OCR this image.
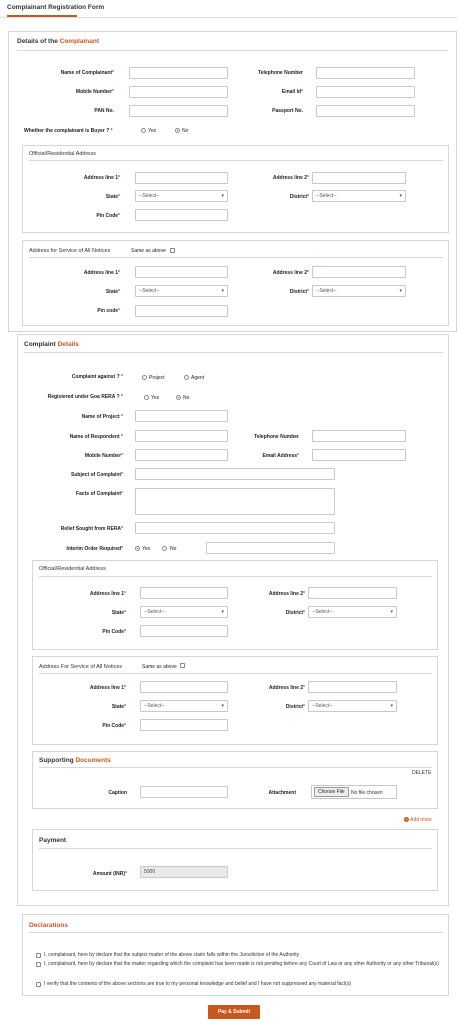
Complainant Registration Form
Details of the Complainant
Name of Complainant*	Telephone Number
Mobile Number*	Email Id*
PAN No.	Passport No.
Whether the complainant is Buyer ? *	Yes	No
Official/Residential Address
Address line 1*	Address line 2*
State*	--Select--	▾	District*	--Select--	▾
Pin Code*
Address for Service of All Notices	Same as above
Address line 1*	Address line 2*
State*	--Select--	▾	District*	--Select--	▾
Pin code*
Complaint Details
Complaint against ? *	Project	Agent
Registered under Goa RERA ? *	Yes	No
Name of Project *
Name of Respondent *	Telephone Number
Mobile Number*	Email Address*
Subject of Complaint*
Facts of Complaint*
Relief Sought from RERA*
Interim Order Required*	Yes	No
Official/Residential Address
Address line 1*	Address line 2*
State*	--Select--	▾	District*	--Select--	▾
Pin Code*
Address For Service of All Notices	Same as above
Address line 1*	Address line 2*
State*	--Select--	▾	District*	--Select--	▾
Pin Code*
Supporting Documents
DELETE
Caption	Attachment	Choose File	No file chosen
+ Add more
Payment
Amount (INR)*	5000
Declarations
I, complainant, here by declare that the subject matter of the above claim falls within the Jurisdiction of the Authority
I, complainant, here by declare that the matter regarding which the complaint has been made is not pending before any Court of Law or any other Authority or any other Tribunal(s)
I verify that the contents of the above sections are true to my personal knowledge and belief and I have not suppressed any material fact(s)
Pay & Submit
